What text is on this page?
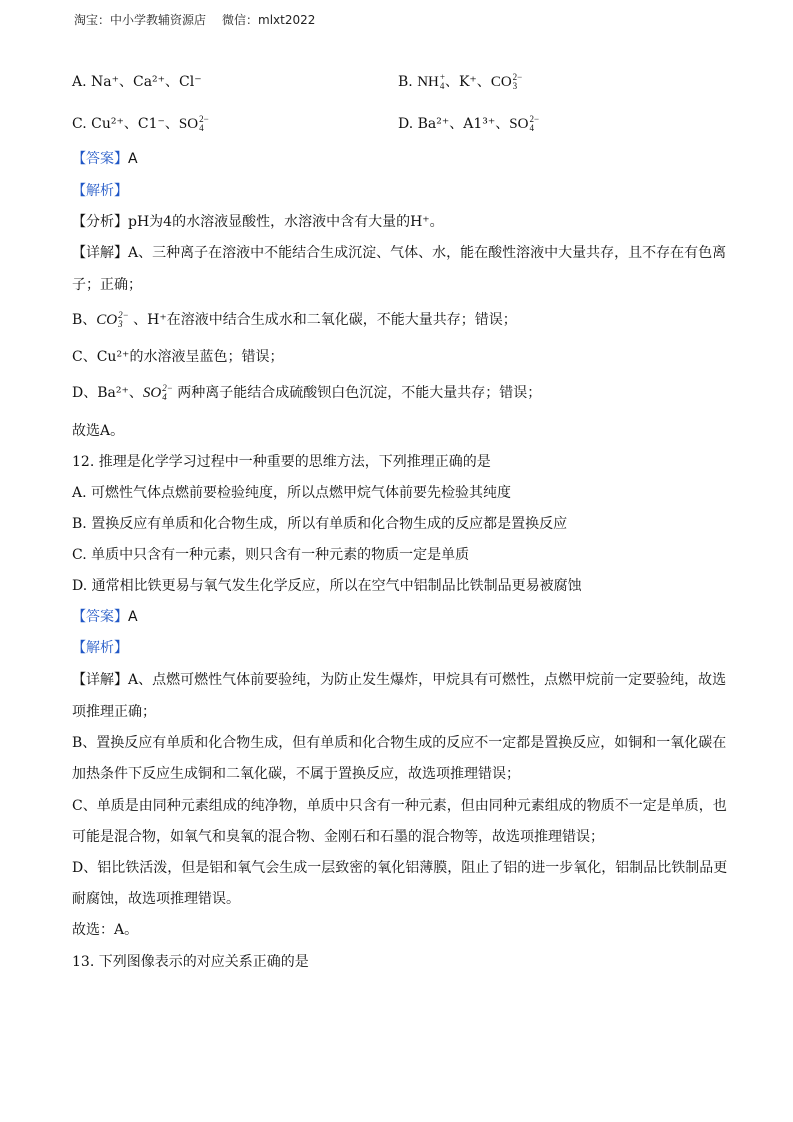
淘宝：中小学教辅资源店 微信：mlxt2022
A. Na⁺、Ca²⁺、Cl⁻	B. NH +
4 、K⁺、CO 2−
3
C. Cu²⁺、C1⁻、SO 2−
4	D. Ba²⁺、A1³⁺、SO 2−
4
【答案】A
【解析】
【分析】pH为4的水溶液显酸性，水溶液中含有大量的H⁺。
【详解】A、三种离子在溶液中不能结合生成沉淀、气体、水，能在酸性溶液中大量共存，且不存在有色离
子；正确；
B、CO 2−
3 、H⁺在溶液中结合生成水和二氧化碳，不能大量共存；错误；
C、Cu²⁺的水溶液呈蓝色；错误；
D、Ba²⁺、SO 2−
4 两种离子能结合成硫酸钡白色沉淀，不能大量共存；错误；
故选A。
12. 推理是化学学习过程中一种重要的思维方法，下列推理正确的是
A. 可燃性气体点燃前要检验纯度，所以点燃甲烷气体前要先检验其纯度
B. 置换反应有单质和化合物生成，所以有单质和化合物生成的反应都是置换反应
C. 单质中只含有一种元素，则只含有一种元素的物质一定是单质
D. 通常相比铁更易与氧气发生化学反应，所以在空气中铝制品比铁制品更易被腐蚀
【答案】A
【解析】
【详解】A、点燃可燃性气体前要验纯，为防止发生爆炸，甲烷具有可燃性，点燃甲烷前一定要验纯，故选
项推理正确；
B、置换反应有单质和化合物生成，但有单质和化合物生成的反应不一定都是置换反应，如铜和一氧化碳在
加热条件下反应生成铜和二氧化碳，不属于置换反应，故选项推理错误；
C、单质是由同种元素组成的纯净物，单质中只含有一种元素，但由同种元素组成的物质不一定是单质，也
可能是混合物，如氧气和臭氧的混合物、金刚石和石墨的混合物等，故选项推理错误；
D、铝比铁活泼，但是铝和氧气会生成一层致密的氧化铝薄膜，阻止了铝的进一步氧化，铝制品比铁制品更
耐腐蚀，故选项推理错误。
故选：A。
13. 下列图像表示的对应关系正确的是
